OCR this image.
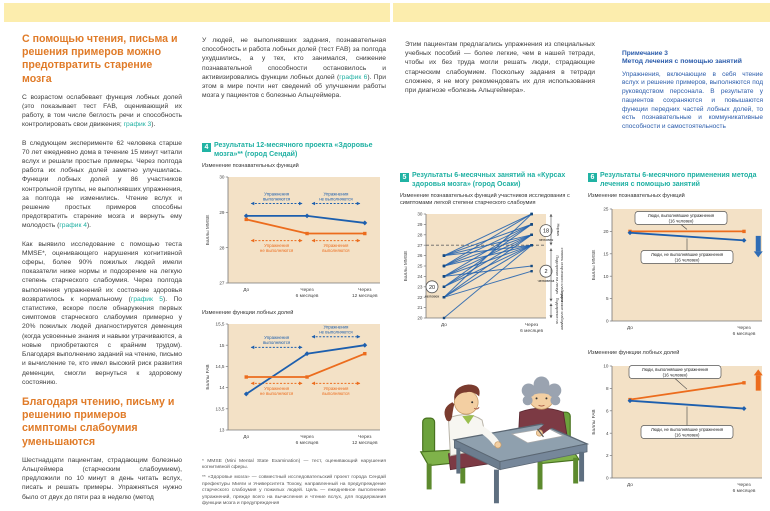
С помощью чтения, письма и решения примеров можно предотвратить старение мозга

С возрастом ослабевает функция лобных долей (это показывает тест FAB, оценивающий их работу, в том числе беглость речи и способность контролировать свои движения; график 3).

В следующем эксперименте 62 человека старше 70 лет ежедневно дома в течение 15 минут читали вслух и решали простые примеры. Через полгода работа их лобных долей заметно улучшилась. Функции лобных долей у 86 участников контрольной группы, не выполнявших упражнения, за полгода не изменились. Чтение вслух и решение простых примеров способны предотвратить старение мозга и вернуть ему молодость (график 4).

Как выявило исследование с помощью теста MMSE*, оценивающего нарушения когнитивной сферы, более 90% пожилых людей имели показатели ниже нормы и подозрение на легкую степень старческого слабоумия. Через полгода выполнения упражнений их состояние здоровья возвратилось к нормальному (график 5). По статистике, вскоре после обнаружения первых симптомов старческого слабоумия примерно у 20% пожилых людей диагностируется деменция (когда усвоенные знания и навыки утрачиваются, а новые приобретаются с крайним трудом). Благодаря выполнению заданий на чтение, письмо и вычисление те, кто имел высокий риск развития деменции, смогли вернуться к здоровому состоянию.

Благодаря чтению, письму и решению примеров симптомы слабоумия уменьшаются

Шестнадцати пациентам, страдающим болезнью Альцгеймера (старческим слабоумием), предложили по 10 минут в день читать вслух, писать и решать примеры. Упражняться нужно было от двух до пяти раз в неделю (метод

У людей, не выполнявших задания, познавательная способность и работа лобных долей (тест FAB) за полгода ухудшились, а у тех, кто занимался, снижение познавательной способности остановилось и активизировались функции лобных долей (график 6). При этом в мире почти нет сведений об улучшении работы мозга у пациентов с болезнью Альцгеймера.

4 Результаты 12-месячного проекта «Здоровье мозга»** (город Сендай)
Изменение познавательных функций
27
28
29
30
Баллы MMSE
До	Через
6 месяцев
Через
12 месяцев
Упражнения
выполняются
Упражнения
не выполняются
Упражнения
не выполняются
Упражнения
выполняются
Изменение функции лобных долей
13
13,5
14
14,5
15
15,5
Баллы FAB
До	Через
6 месяцев
Через
12 месяцев
Упражнения
выполняются
Упражнения
не выполняются
Упражнения
не выполняются
Упражнения
выполняются

* MMSE (Mini Mental State Examination) — тест, оценивающий нарушения когнитивной сферы.

** «Здоровье мозга» — совместный исследовательский проект города Сендай префектуры Мияги и Университета Тохоку, направленный на предупреждение старческого слабоумия у пожилых людей. Цель — ежедневное выполнение упражнений, прежде всего на вычисления и чтение вслух, для поддержания функции мозга и предупреждения

Этим пациентам предлагались упражнения из специальных учебных пособий — более легкие, чем в нашей тетради, чтобы их без труда могли решать люди, страдающие старческим слабоумием. Поскольку задания в тетради сложнее, я не могу рекомендовать их для использования при диагнозе «болезнь Альцгеймера».

Примечание 3
Метод лечения с помощью занятий
Упражнения, включающие в себя чтение вслух и решение примеров, выполняются под руководством персонала. В результате у пациентов сохраняются и повышаются функции передних частей лобных долей, то есть познавательные и коммуникативные способности и самостоятельность
5 Результаты 6-месячных занятий на «Курсах здоровья мозга» (город Осаки)
Изменение познавательных функций участников исследования с симптомами легкой степени старческого слабоумия
20
21
22
23
24
25
26
27
28
29
30
Баллы MMSE
До	Через
6 месяцев
20
человек
18
человек
2
человека
Норма
Подозрение на легкую степень старческого слабоумия
Подозрение на старческое слабоумие
6 Результаты 6-месячного применения метода лечения с помощью занятий
Изменение познавательных функций
0
5
10
15
20
25
Баллы MMSE
До	Через
6 месяцев
Люди, выполнявшие упражнения
(16 человек)
Люди, не выполнявшие упражнения
(16 человек)
Изменение функции лобных долей
0
2
4
6
8
10
Баллы FAB
До	Через
6 месяцев
Люди, выполнявшие упражнения
(16 человек)
Люди, не выполнявшие упражнения
(16 человек)
